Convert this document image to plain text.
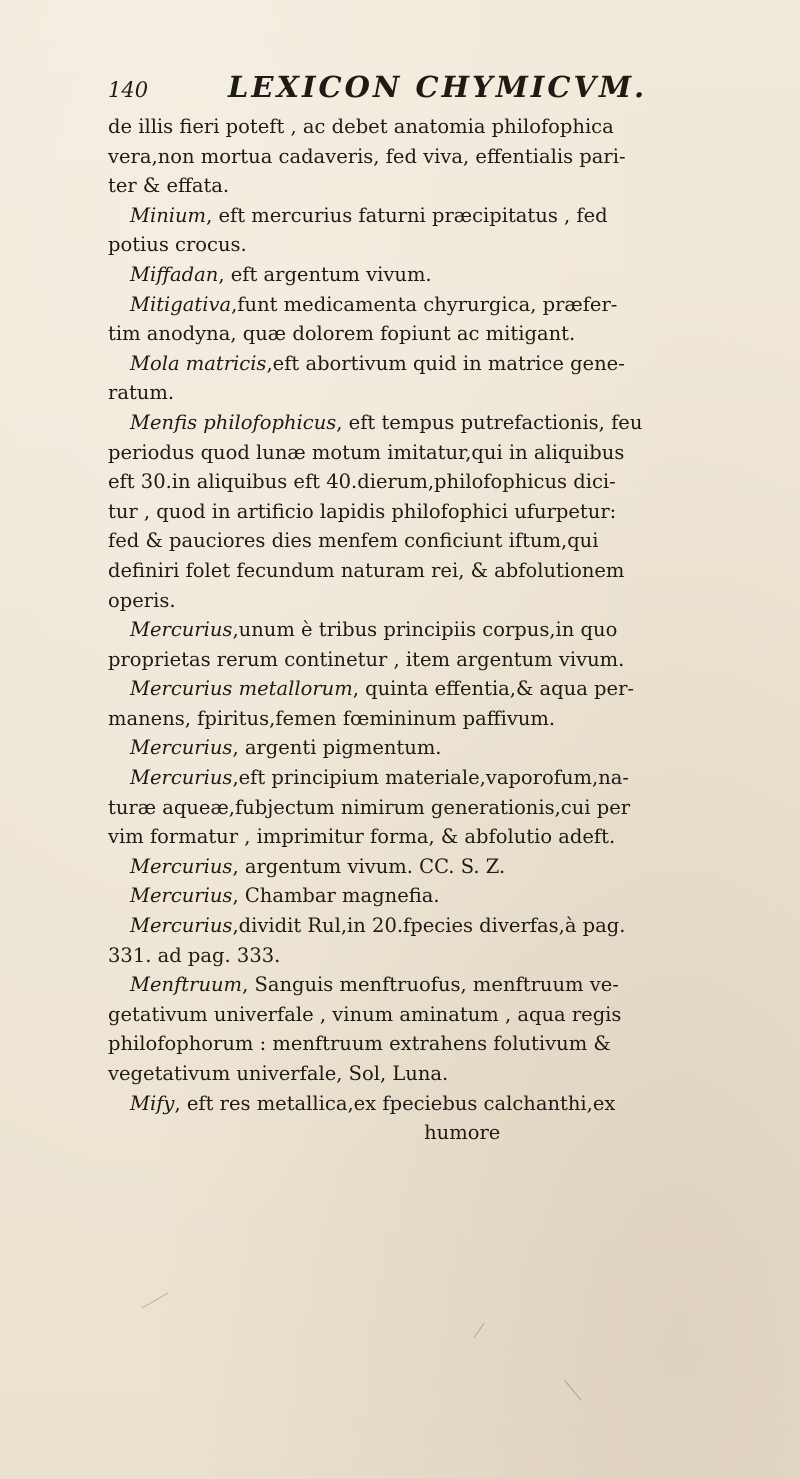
140	LEXICON CHYMICVM.
de illis fieri poteft , ac debet anatomia philofophica
vera,non mortua cadaveris, fed viva, effentialis pari-
ter & effata.
Minium, eft mercurius faturni præcipitatus , fed
potius crocus.
Miffadan, eft argentum vivum.
Mitigativa,funt medicamenta chyrurgica, præfer-
tim anodyna, quæ dolorem fopiunt ac mitigant.
Mola matricis,eft abortivum quid in matrice gene-
ratum.
Menfis philofophicus, eft tempus putrefactionis, feu
periodus quod lunæ motum imitatur,qui in aliquibus
eft 30.in aliquibus eft 40.dierum,philofophicus dici-
tur , quod in artificio lapidis philofophici ufurpetur:
fed & pauciores dies menfem conficiunt iftum,qui
definiri folet fecundum naturam rei, & abfolutionem
operis.
Mercurius,unum è tribus principiis corpus,in quo
proprietas rerum continetur , item argentum vivum.
Mercurius metallorum, quinta effentia,& aqua per-
manens, fpiritus,femen fœmininum paffivum.
Mercurius, argenti pigmentum.
Mercurius,eft principium materiale,vaporofum,na-
turæ aqueæ,fubjectum nimirum generationis,cui per
vim formatur , imprimitur forma, & abfolutio adeft.
Mercurius, argentum vivum. CC. S. Z.
Mercurius, Chambar magnefia.
Mercurius,dividit Rul,in 20.fpecies diverfas,à pag.
331. ad pag. 333.
Menftruum, Sanguis menftruofus, menftruum ve-
getativum univerfale , vinum aminatum , aqua regis
philofophorum : menftruum extrahens folutivum &
vegetativum univerfale, Sol, Luna.
Mify, eft res metallica,ex fpeciebus calchanthi,ex
humore
